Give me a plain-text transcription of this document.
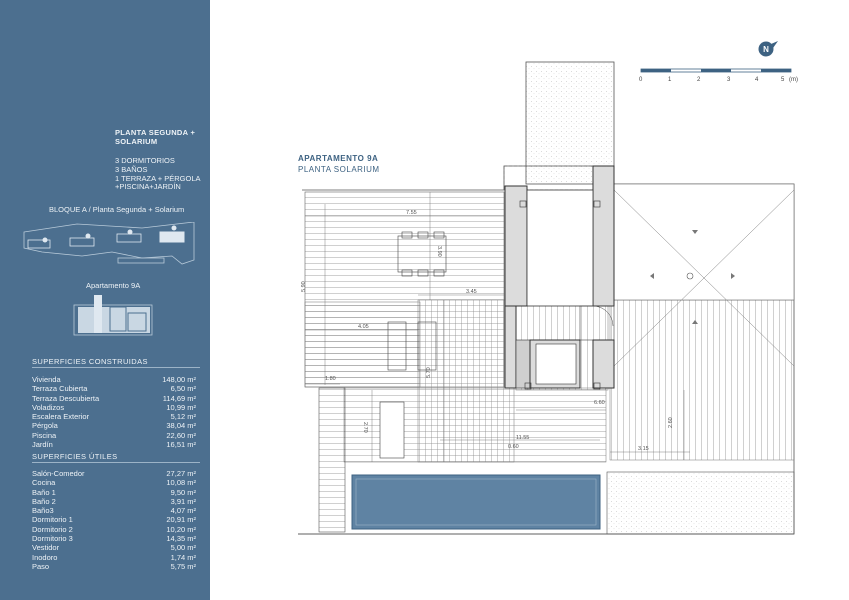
PLANTA SEGUNDA + SOLARIUM
3 DORMITORIOS
3 BAÑOS
1 TERRAZA + PÉRGOLA
+PISCINA+JARDÍN
BLOQUE A / Planta Segunda + Solarium
Apartamento 9A
SUPERFICIES CONSTRUIDAS
Vivienda	148,00 m²
Terraza Cubierta	6,50 m²
Terraza Descubierta	114,69 m²
Voladizos	10,99 m²
Escalera Exterior	5,12 m²
Pérgola	38,04 m²
Piscina	22,60 m²
Jardín	16,51 m²
SUPERFICIES ÚTILES
Salón-Comedor	27,27 m²
Cocina	10,08 m²
Baño 1	9,50 m²
Baño 2	3,91 m²
Baño3	4,07 m²
Dormitorio 1	20,91 m²
Dormitorio 2	10,20 m²
Dormitorio 3	14,35 m²
Vestidor	5,00 m²
Inodoro	1,74 m²
Paso	5,75 m²
APARTAMENTO 9A
PLANTA SOLARIUM
0	1	2	3	4	5 (m)
N
7.55
3.90
3.45
4.05
5.90
1.80
5.70
2.70
11.55
0.60
6.60
2.60
3.15
